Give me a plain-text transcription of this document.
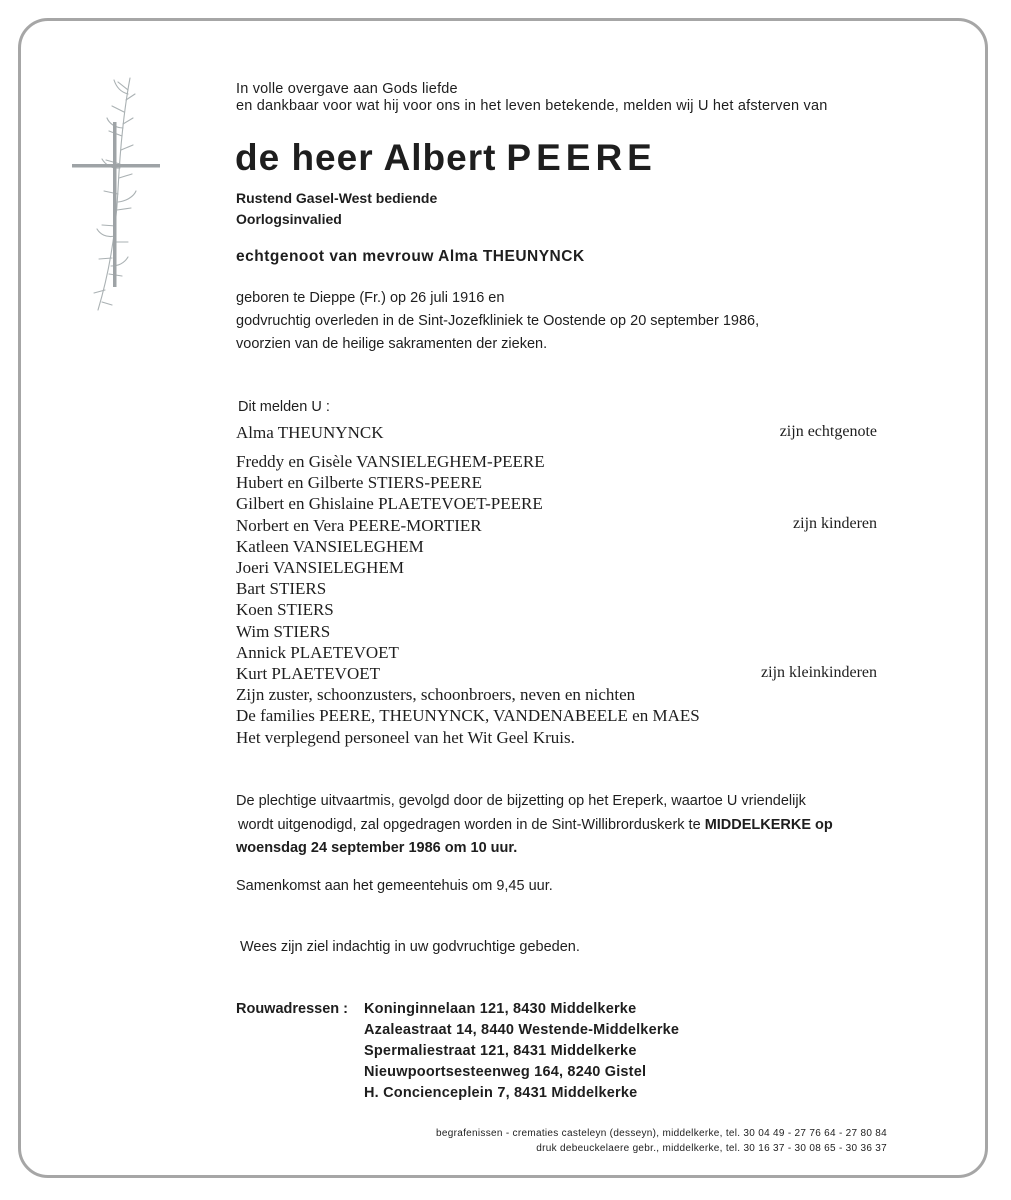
In volle overgave aan Gods liefde
en dankbaar voor wat hij voor ons in het leven betekende, melden wij U het afsterven van
de heer Albert PEERE
Rustend Gasel-West bediende
Oorlogsinvalied
echtgenoot van mevrouw Alma THEUNYNCK
geboren te Dieppe (Fr.) op 26 juli 1916 en
godvruchtig overleden in de Sint-Jozefkliniek te Oostende op 20 september 1986,
voorzien van de heilige sakramenten der zieken.
Dit melden U :
Alma THEUNYNCK	zijn echtgenote
Freddy en Gisèle VANSIELEGHEM-PEERE
Hubert en Gilberte STIERS-PEERE
Gilbert en Ghislaine PLAETEVOET-PEERE
Norbert en Vera PEERE-MORTIER
Katleen VANSIELEGHEM
Joeri VANSIELEGHEM
Bart STIERS
Koen STIERS
Wim STIERS
Annick PLAETEVOET
Kurt PLAETEVOET
Zijn zuster, schoonzusters, schoonbroers, neven en nichten
De families PEERE, THEUNYNCK, VANDENABEELE en MAES
Het verplegend personeel van het Wit Geel Kruis.
zijn kinderen
zijn kleinkinderen
De plechtige uitvaartmis, gevolgd door de bijzetting op het Ereperk, waartoe U vriendelijk
wordt uitgenodigd, zal opgedragen worden in de Sint-Willibrorduskerk te MIDDELKERKE op
woensdag 24 september 1986 om 10 uur.
Samenkomst aan het gemeentehuis om 9,45 uur.
Wees zijn ziel indachtig in uw godvruchtige gebeden.
Rouwadressen : Koninginnelaan 121, 8430 Middelkerke
Azaleastraat 14, 8440 Westende-Middelkerke
Spermaliestraat 121, 8431 Middelkerke
Nieuwpoortsesteenweg 164, 8240 Gistel
H. Concienceplein 7, 8431 Middelkerke
begrafenissen - crematies casteleyn (desseyn), middelkerke, tel. 30 04 49 - 27 76 64 - 27 80 84
druk debeuckelaere gebr., middelkerke, tel. 30 16 37 - 30 08 65 - 30 36 37
